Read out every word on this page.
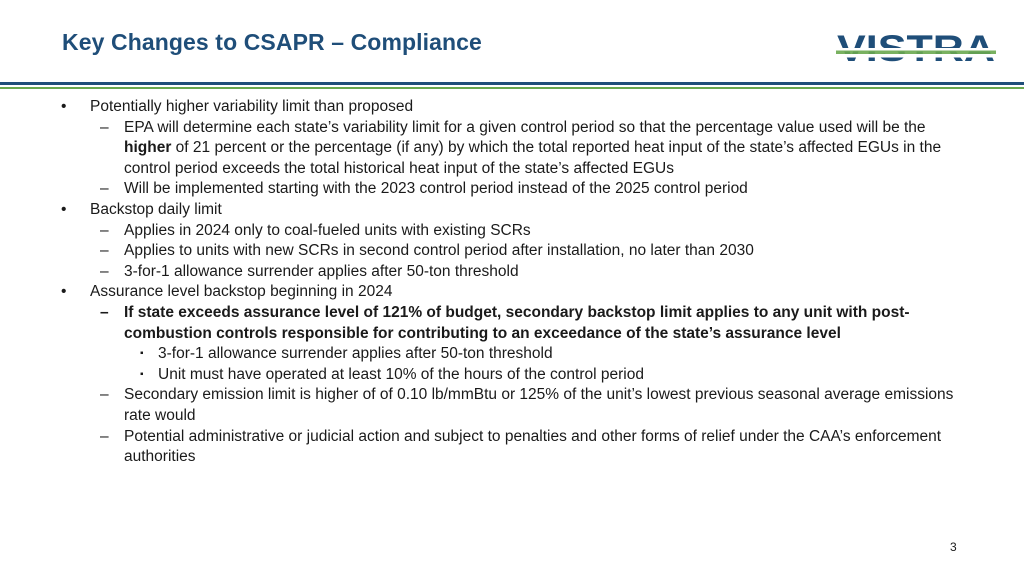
Key Changes to CSAPR – Compliance
• Potentially higher variability limit than proposed
– EPA will determine each state’s variability limit for a given control period so that the percentage value used will be the higher of 21 percent or the percentage (if any) by which the total reported heat input of the state’s affected EGUs in the control period exceeds the total historical heat input of the state’s affected EGUs
– Will be implemented starting with the 2023 control period instead of the 2025 control period
• Backstop daily limit
– Applies in 2024 only to coal-fueled units with existing SCRs
– Applies to units with new SCRs in second control period after installation, no later than 2030
– 3-for-1 allowance surrender applies after 50-ton threshold
• Assurance level backstop beginning in 2024
– If state exceeds assurance level of 121% of budget, secondary backstop limit applies to any unit with post-combustion controls responsible for contributing to an exceedance of the state’s assurance level
▪ 3-for-1 allowance surrender applies after 50-ton threshold
▪ Unit must have operated at least 10% of the hours of the control period
– Secondary emission limit is higher of of 0.10 lb/mmBtu or 125% of the unit’s lowest previous seasonal average emissions rate would
– Potential administrative or judicial action and subject to penalties and other forms of relief under the CAA’s enforcement authorities
3
